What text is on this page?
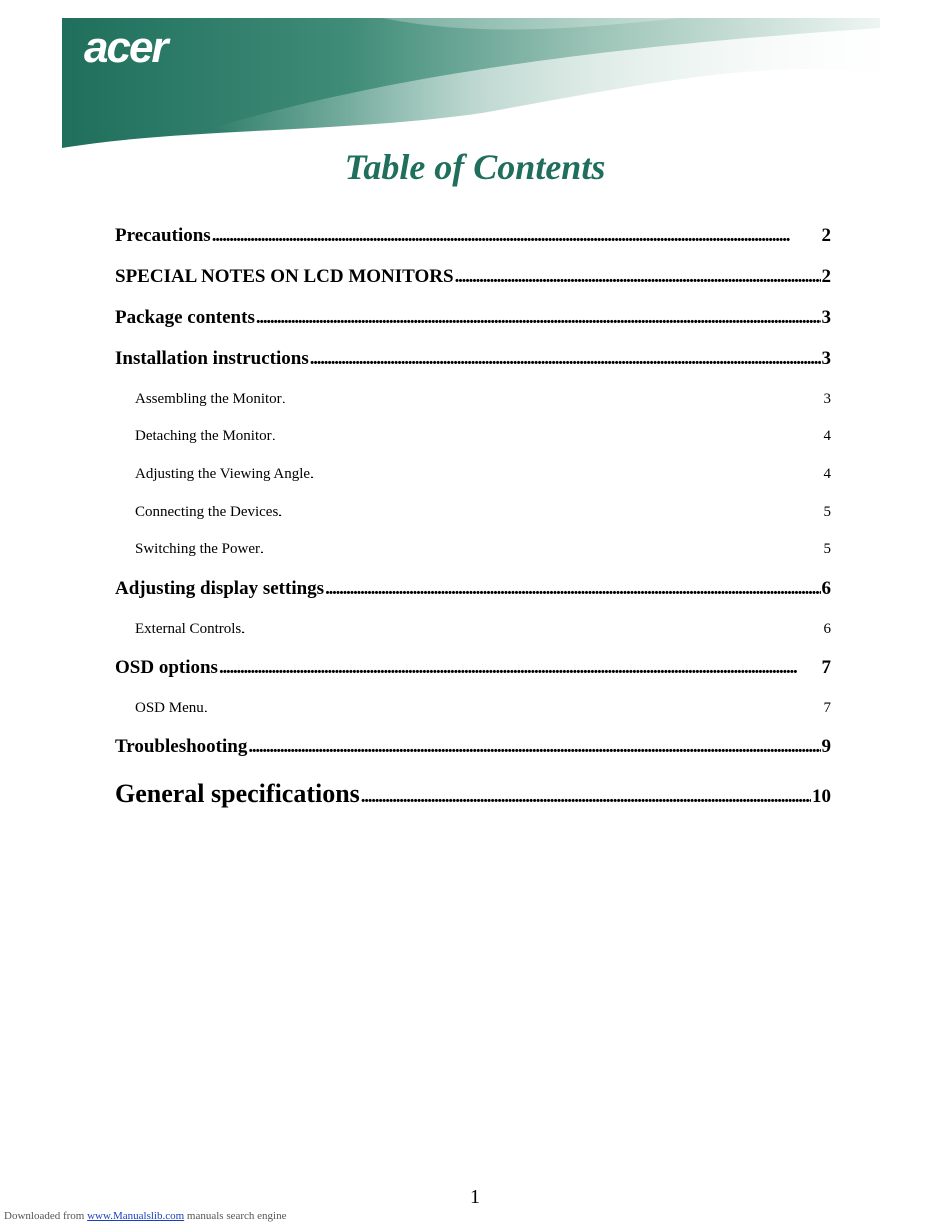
acer
Table of Contents
Precautions . . .	2
SPECIAL NOTES ON LCD MONITORS . . .	2
Package contents . . .	3
Installation instructions . . .	3
Assembling the Monitor . . .	3
Detaching the Monitor . . .	4
Adjusting the Viewing Angle . . .	4
Connecting the Devices . . .	5
Switching the Power . . .	5
Adjusting display settings . . .	6
External Controls . . .	6
OSD options . . .	7
OSD Menu . . .	7
Troubleshooting . . .	9
General specifications . . .	10
1
Downloaded from www.Manualslib.com manuals search engine
